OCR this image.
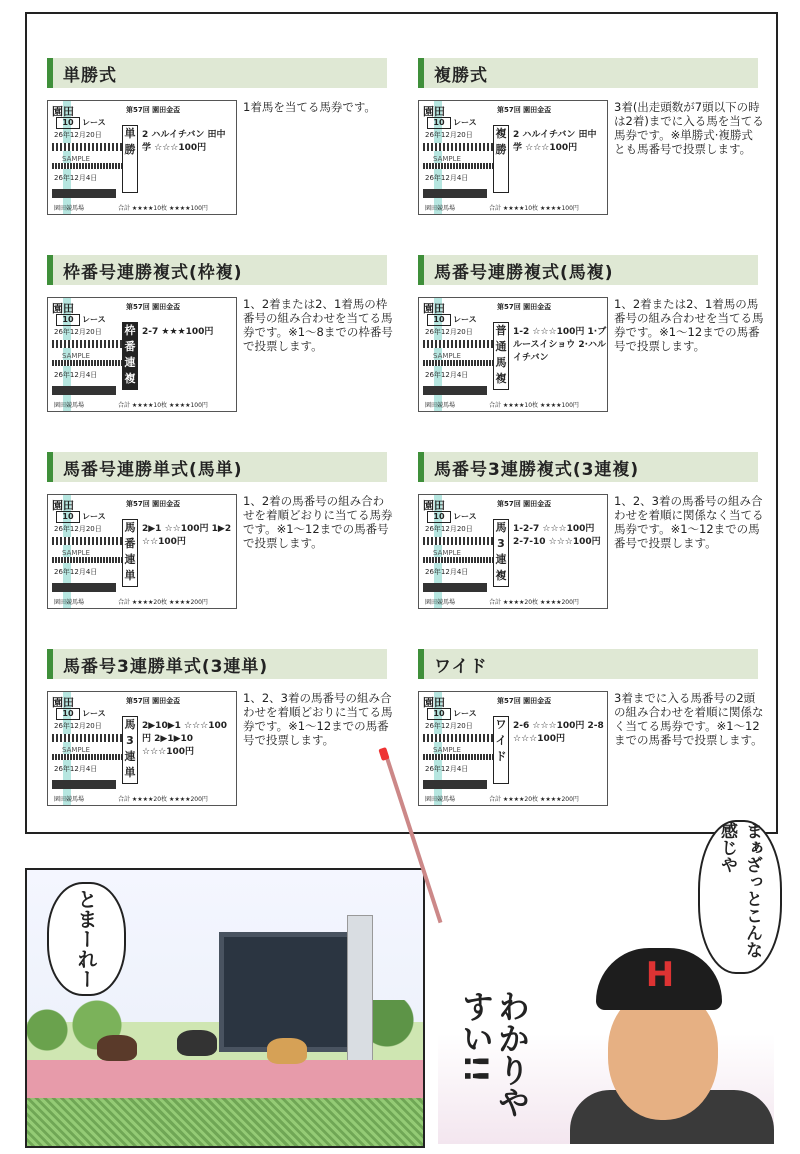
単勝式
園田
10	レース
26年12月20日
SAMPLE
26年12月4日
園田競馬場
第57回 園田金盃
単勝
2 ハルイチバン 田中 学 ☆☆☆100円
合計 ★★★★10枚 ★★★★100円
1着馬を当てる馬券です。
複勝式
園田
10	レース
26年12月20日
SAMPLE
26年12月4日
園田競馬場
第57回 園田金盃
複勝
2 ハルイチバン 田中 学 ☆☆☆100円
合計 ★★★★10枚 ★★★★100円
3着(出走頭数が7頭以下の時は2着)までに入る馬を当てる馬券です。※単勝式·複勝式とも馬番号で投票します。
枠番号連勝複式(枠複)
園田
10	レース
26年12月20日
SAMPLE
26年12月4日
園田競馬場
第57回 園田金盃
枠番連複
2-7 ★★★100円
合計 ★★★★10枚 ★★★★100円
1、2着または2、1着馬の枠番号の組み合わせを当てる馬券です。※1～8までの枠番号で投票します。
馬番号連勝複式(馬複)
園田
10	レース
26年12月20日
SAMPLE
26年12月4日
園田競馬場
第57回 園田金盃
普通馬複
1-2 ☆☆☆100円 1·ブルースイショウ 2·ハルイチバン
合計 ★★★★10枚 ★★★★100円
1、2着または2、1着馬の馬番号の組み合わせを当てる馬券です。※1～12までの馬番号で投票します。
馬番号連勝単式(馬単)
園田
10	レース
26年12月20日
SAMPLE
26年12月4日
園田競馬場
第57回 園田金盃
馬番連単
2▶1 ☆☆100円 1▶2 ☆☆100円
合計 ★★★★20枚 ★★★★200円
1、2着の馬番号の組み合わせを着順どおりに当てる馬券です。※1～12までの馬番号で投票します。
馬番号3連勝複式(3連複)
園田
10	レース
26年12月20日
SAMPLE
26年12月4日
園田競馬場
第57回 園田金盃
馬3連複
1-2-7 ☆☆☆100円 2-7-10 ☆☆☆100円
合計 ★★★★20枚 ★★★★200円
1、2、3着の馬番号の組み合わせを着順に関係なく当てる馬券です。※1～12までの馬番号で投票します。
馬番号3連勝単式(3連単)
園田
10	レース
26年12月20日
SAMPLE
26年12月4日
園田競馬場
第57回 園田金盃
馬3連単
2▶10▶1 ☆☆☆100円 2▶1▶10 ☆☆☆100円
合計 ★★★★20枚 ★★★★200円
1、2、3着の馬番号の組み合わせを着順どおりに当てる馬券です。※1～12までの馬番号で投票します。
ワイド
園田
10	レース
26年12月20日
SAMPLE
26年12月4日
園田競馬場
第57回 園田金盃
ワイド
2-6 ☆☆☆100円 2-8 ☆☆☆100円
合計 ★★★★20枚 ★★★★200円
3着までに入る馬番号の2頭の組み合わせを着順に関係なく当てる馬券です。※1～12までの馬番号で投票します。
とまーれー	H
まぁざっとこんな感じや
わかりやすい!!
